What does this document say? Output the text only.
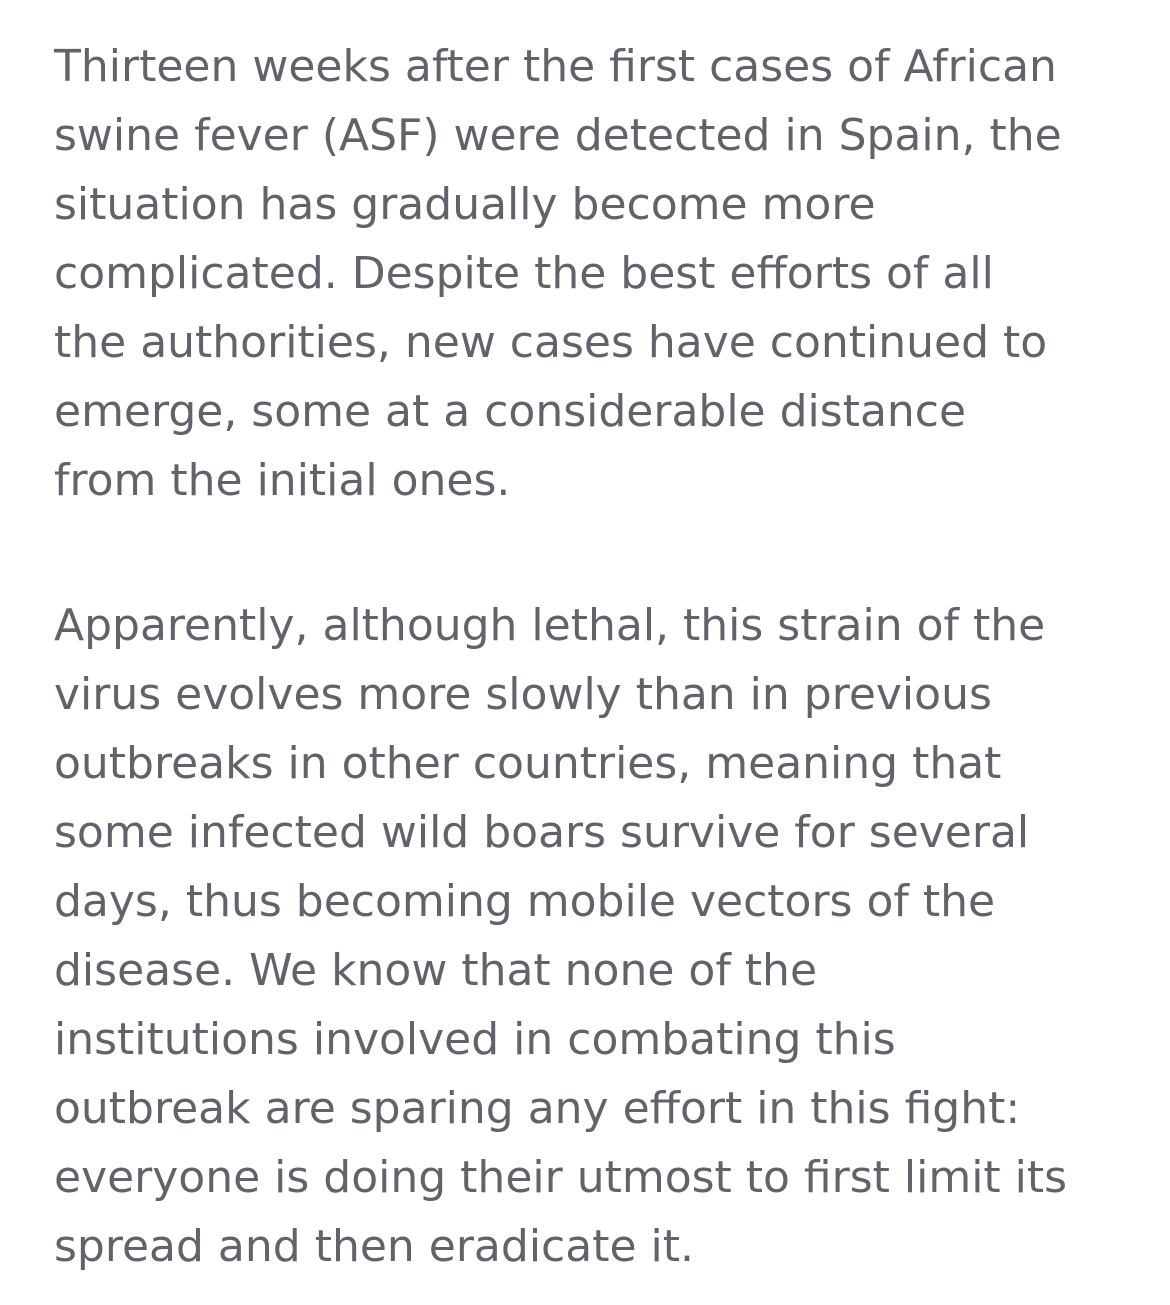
Thirteen weeks after the first cases of African
swine fever (ASF) were detected in Spain, the
situation has gradually become more
complicated. Despite the best efforts of all
the authorities, new cases have continued to
emerge, some at a considerable distance
from the initial ones.
Apparently, although lethal, this strain of the
virus evolves more slowly than in previous
outbreaks in other countries, meaning that
some infected wild boars survive for several
days, thus becoming mobile vectors of the
disease. We know that none of the
institutions involved in combating this
outbreak are sparing any effort in this fight:
everyone is doing their utmost to first limit its
spread and then eradicate it.
